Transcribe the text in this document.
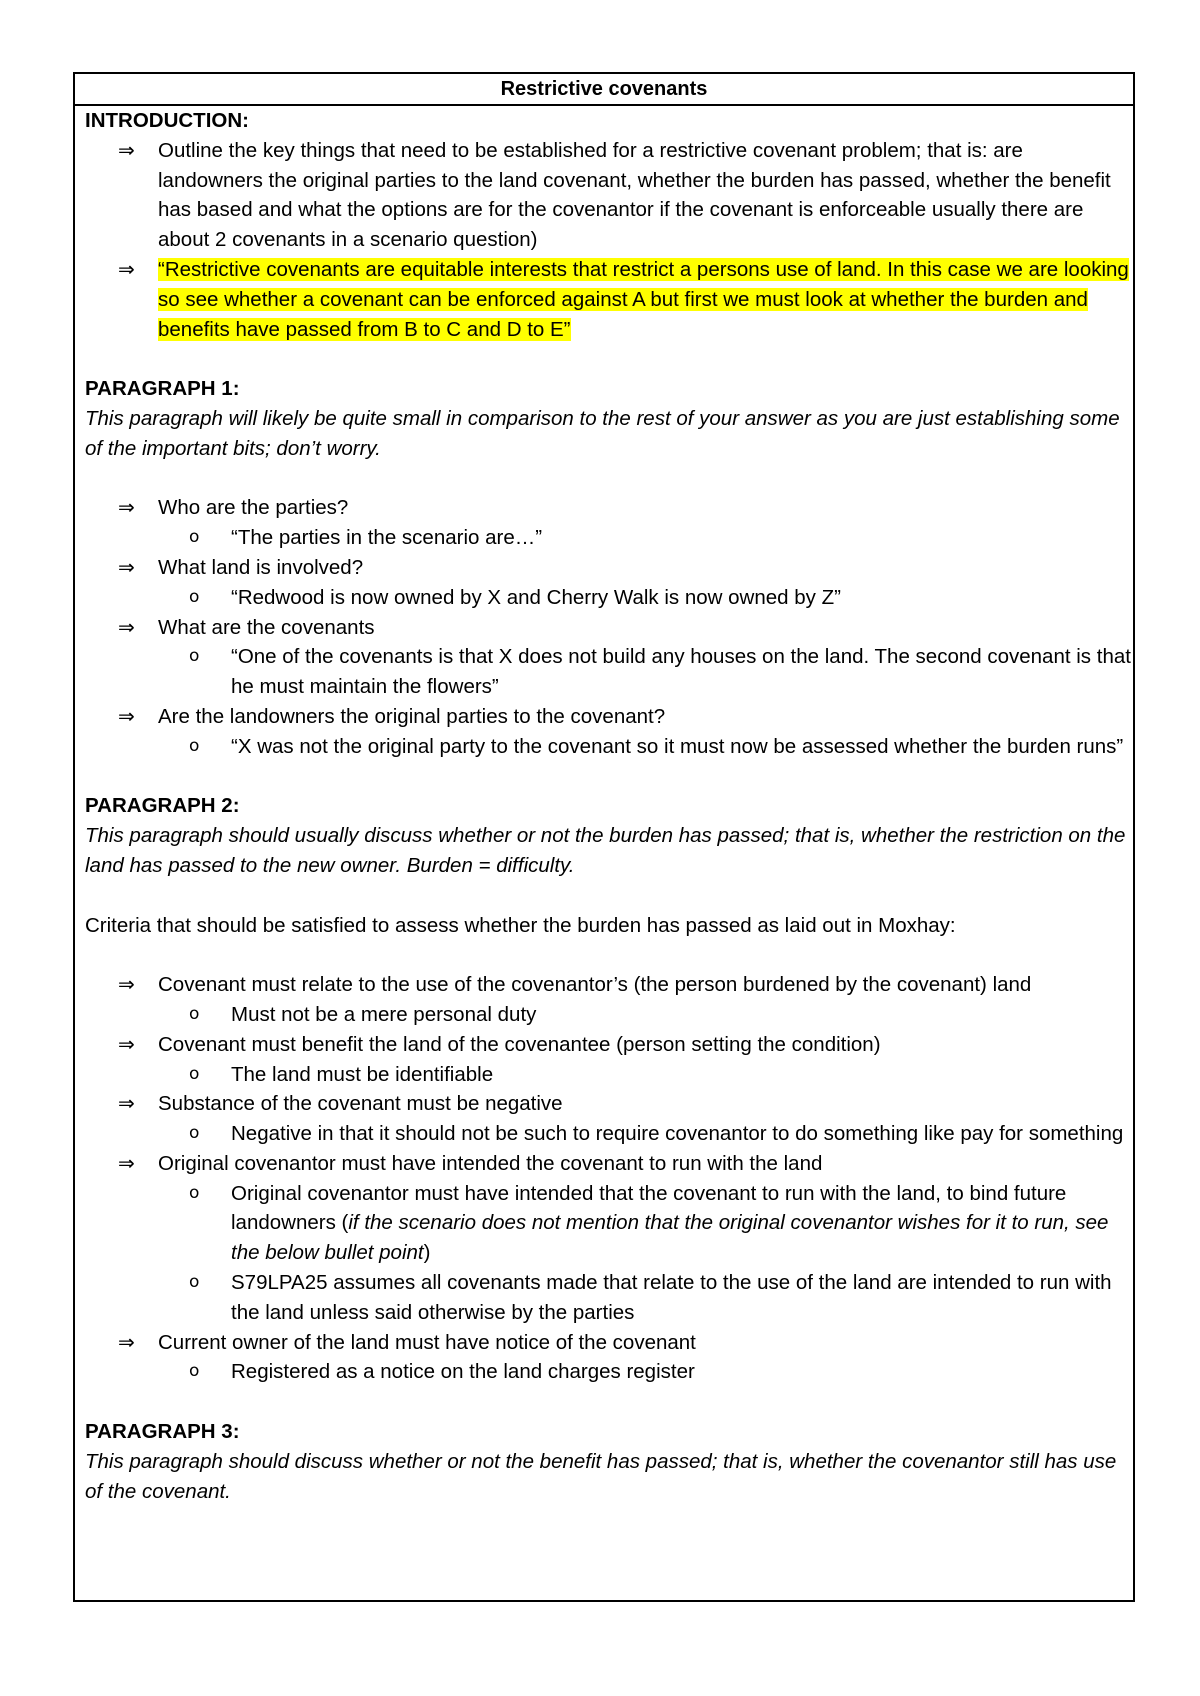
Restrictive covenants

INTRODUCTION:

⇒ Outline the key things that need to be established for a restrictive covenant problem; that is: are landowners the original parties to the land covenant, whether the burden has passed, whether the benefit has based and what the options are for the covenantor if the covenant is enforceable usually there are about 2 covenants in a scenario question)
⇒ “Restrictive covenants are equitable interests that restrict a persons use of land. In this case we are looking so see whether a covenant can be enforced against A but first we must look at whether the burden and benefits have passed from B to C and D to E”

PARAGRAPH 1:

This paragraph will likely be quite small in comparison to the rest of your answer as you are just establishing some of the important bits; don’t worry.

⇒ Who are the parties?
o “The parties in the scenario are…”
⇒ What land is involved?
o “Redwood is now owned by X and Cherry Walk is now owned by Z”
⇒ What are the covenants
o “One of the covenants is that X does not build any houses on the land. The second covenant is that he must maintain the flowers”
⇒ Are the landowners the original parties to the covenant?
o “X was not the original party to the covenant so it must now be assessed whether the burden runs”

PARAGRAPH 2:

This paragraph should usually discuss whether or not the burden has passed; that is, whether the restriction on the land has passed to the new owner. Burden = difficulty.

Criteria that should be satisfied to assess whether the burden has passed as laid out in Moxhay:

⇒ Covenant must relate to the use of the covenantor’s (the person burdened by the covenant) land
o Must not be a mere personal duty
⇒ Covenant must benefit the land of the covenantee (person setting the condition)
o The land must be identifiable
⇒ Substance of the covenant must be negative
o Negative in that it should not be such to require covenantor to do something like pay for something
⇒ Original covenantor must have intended the covenant to run with the land
o Original covenantor must have intended that the covenant to run with the land, to bind future landowners (if the scenario does not mention that the original covenantor wishes for it to run, see the below bullet point)
o S79LPA25 assumes all covenants made that relate to the use of the land are intended to run with the land unless said otherwise by the parties
⇒ Current owner of the land must have notice of the covenant
o Registered as a notice on the land charges register

PARAGRAPH 3:

This paragraph should discuss whether or not the benefit has passed; that is, whether the covenantor still has use of the covenant.
